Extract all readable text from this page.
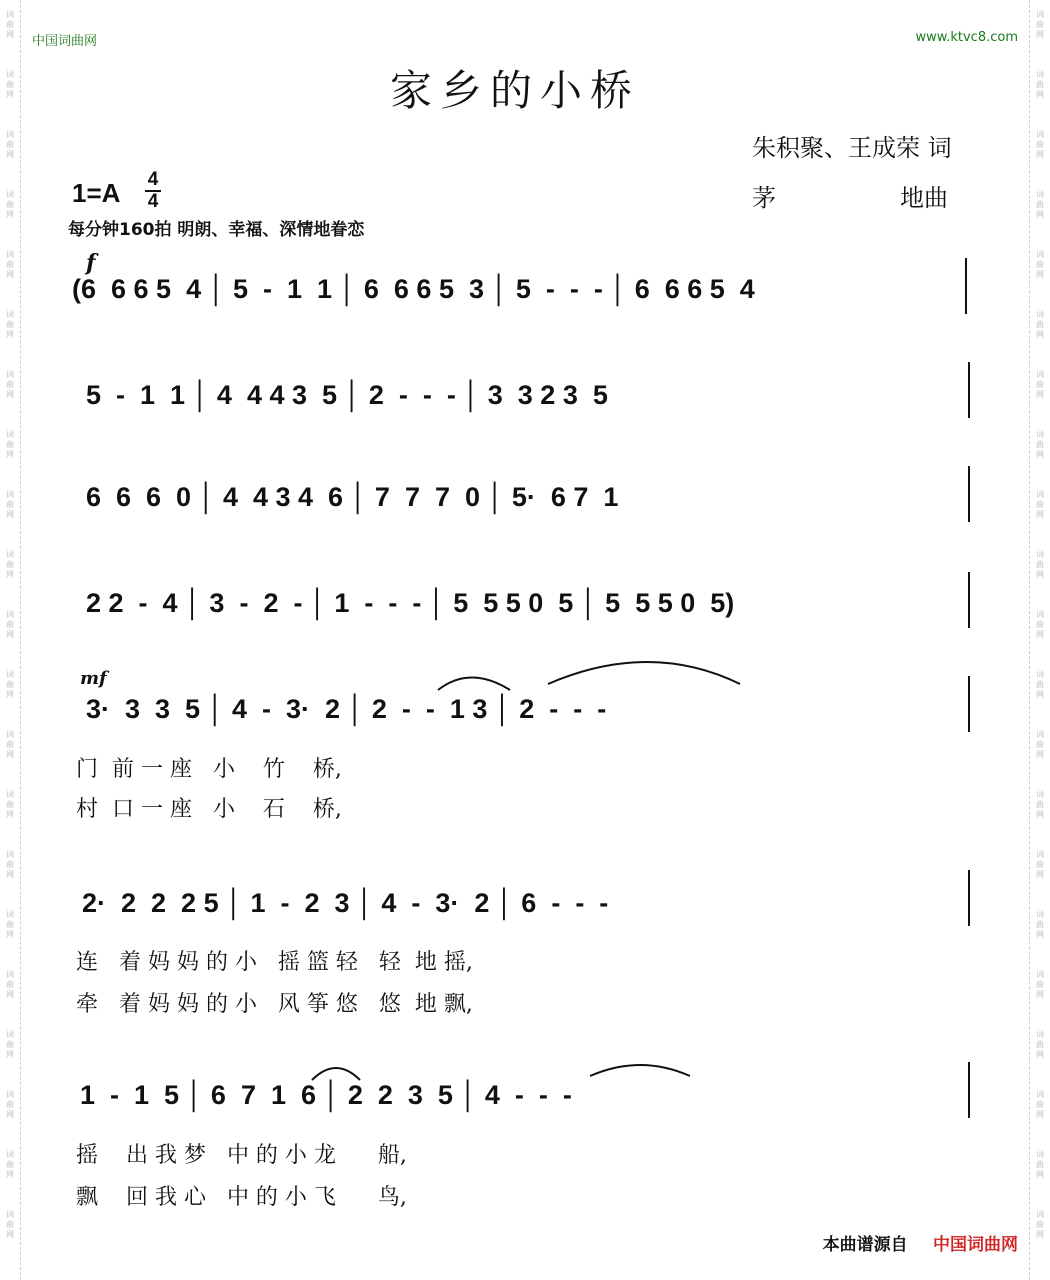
词
曲
网
词
曲
网
词
曲
网
词
曲
网
词
曲
网
词
曲
网
词
曲
网
词
曲
网
词
曲
网
词
曲
网
词
曲
网
词
曲
网
词
曲
网
词
曲
网
词
曲
网
词
曲
网
词
曲
网
词
曲
网
词
曲
网
词
曲
网
词
曲
网
词
曲
网
词
曲
网
词
曲
网
词
曲
网
词
曲
网
词
曲
网
词
曲
网
词
曲
网
词
曲
网
词
曲
网
词
曲
网
词
曲
网
词
曲
网
词
曲
网
词
曲
网
词
曲
网
词
曲
网
词
曲
网
词
曲
网
词
曲
网
词
曲
网
中国词曲网	www.ktvc8.com
家乡的小桥
朱积聚、王成荣 词
茅	地曲
1=A 4
4
每分钟160拍 明朗、幸福、深情地眷恋
f
mf
(6  6 6 5  4 │ 5  -  1  1 │ 6  6 6 5  3 │ 5  -  -  - │ 6  6 6 5  4
5  -  1  1 │ 4  4 4 3  5 │ 2  -  -  - │ 3  3 2 3  5
6  6  6  0 │ 4  4 3 4  6 │ 7  7  7  0 │ 5·  6 7  1
2 2  -  4 │ 3  -  2  - │ 1  -  -  - │ 5  5 5 0  5 │ 5  5 5 0  5)
3·  3  3  5 │ 4  -  3·  2 │ 2  -  -  1 3 │ 2  -  -  -
门  前 一 座   小    竹    桥,
村  口 一 座   小    石    桥,
2·  2  2  2 5 │ 1  -  2  3 │ 4  -  3·  2 │ 6  -  -  -
连   着 妈 妈 的 小   摇 篮 轻   轻  地 摇,
牵   着 妈 妈 的 小   风 筝 悠   悠  地 飘,
1  -  1  5 │ 6  7  1  6 │ 2  2  3  5 │ 4  -  -  -
摇    出 我 梦   中 的 小 龙      船,
飘    回 我 心   中 的 小 飞      鸟,
本曲谱源自 中国词曲网
